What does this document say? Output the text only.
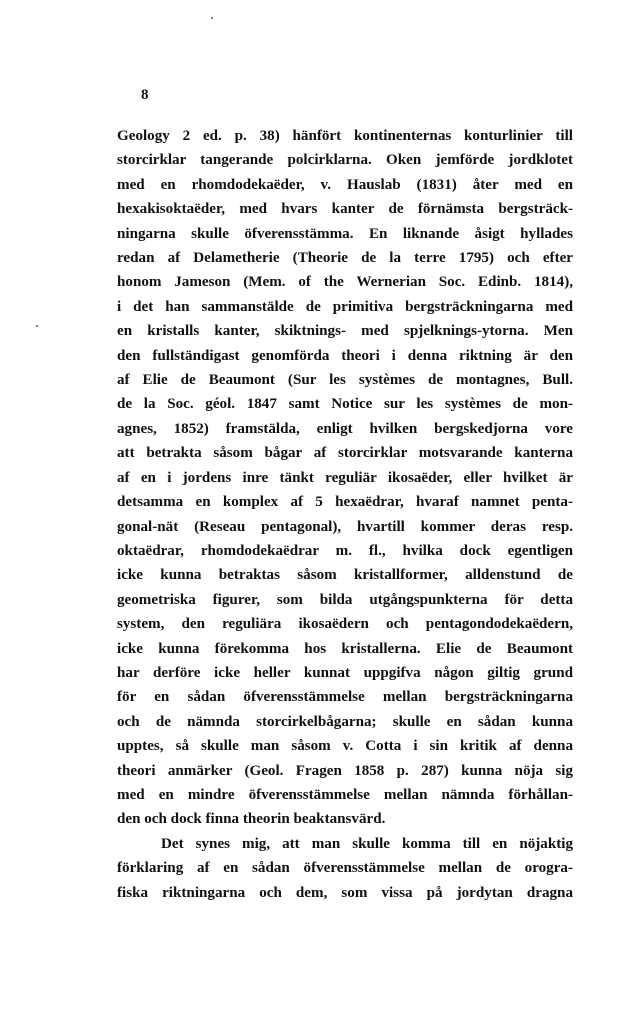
8
Geology 2 ed. p. 38) hänfört kontinenternas konturlinier till
storcirklar tangerande polcirklarna. Oken jemförde jordklotet
med en rhomdodekaëder, v. Hauslab (1831) åter med en
hexakisoktaëder, med hvars kanter de förnämsta bergsträck-
ningarna skulle öfverensstämma. En liknande åsigt hyllades
redan af Delametherie (Theorie de la terre 1795) och efter
honom Jameson (Mem. of the Wernerian Soc. Edinb. 1814),
i det han sammanstälde de primitiva bergsträckningarna med
en kristalls kanter, skiktnings- med spjelknings-ytorna. Men
den fullständigast genomförda theori i denna riktning är den
af Elie de Beaumont (Sur les systèmes de montagnes, Bull.
de la Soc. géol. 1847 samt Notice sur les systèmes de mon-
agnes, 1852) framstälda, enligt hvilken bergskedjorna vore
att betrakta såsom bågar af storcirklar motsvarande kanterna
af en i jordens inre tänkt reguliär ikosaëder, eller hvilket är
detsamma en komplex af 5 hexaëdrar, hvaraf namnet penta-
gonal-nät (Reseau pentagonal), hvartill kommer deras resp.
oktaëdrar, rhomdodekaëdrar m. fl., hvilka dock egentligen
icke kunna betraktas såsom kristallformer, alldenstund de
geometriska figurer, som bilda utgångspunkterna för detta
system, den reguliära ikosaëdern och pentagondodekaëdern,
icke kunna förekomma hos kristallerna. Elie de Beaumont
har derföre icke heller kunnat uppgifva någon giltig grund
för en sådan öfverensstämmelse mellan bergsträckningarna
och de nämnda storcirkelbågarna; skulle en sådan kunna
upptes, så skulle man såsom v. Cotta i sin kritik af denna
theori anmärker (Geol. Fragen 1858 p. 287) kunna nöja sig
med en mindre öfverensstämmelse mellan nämnda förhållan-
den och dock finna theorin beaktansvärd.
Det synes mig, att man skulle komma till en nöjaktig
förklaring af en sådan öfverensstämmelse mellan de orogra-
fiska riktningarna och dem, som vissa på jordytan dragna
